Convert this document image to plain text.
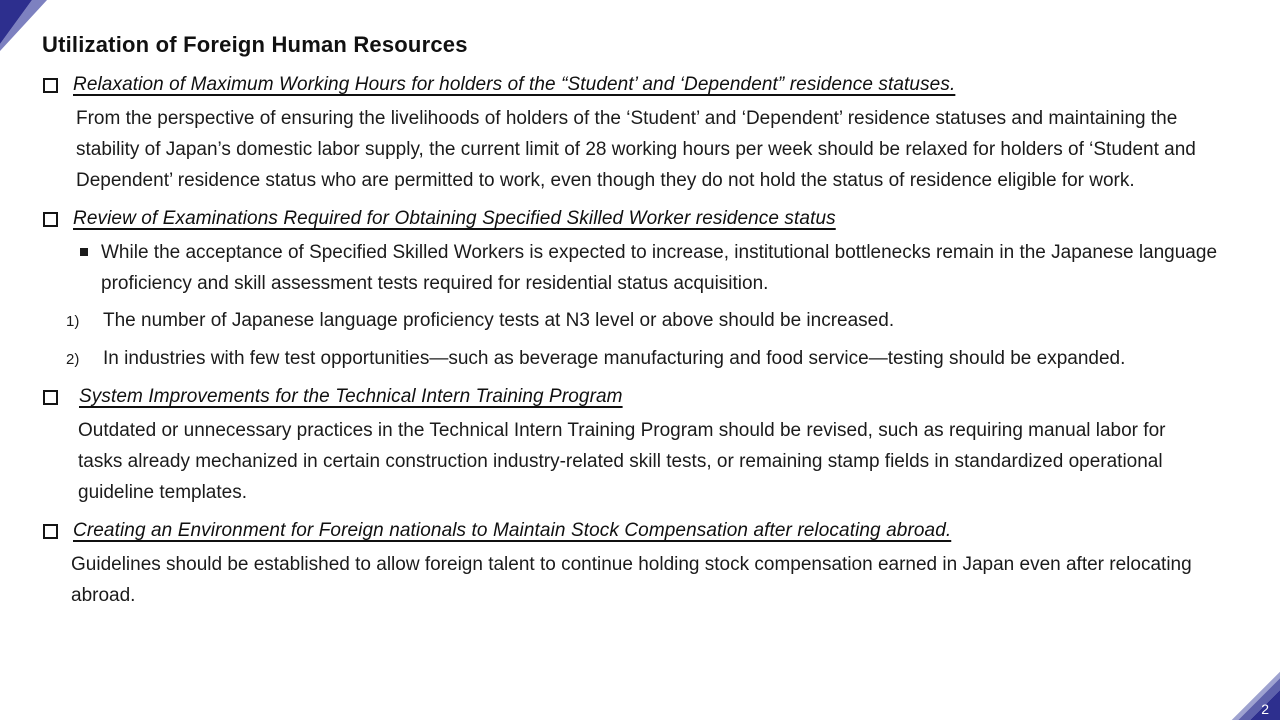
2
Utilization of Foreign Human Resources
Relaxation of Maximum Working Hours for holders of the “Student’ and ‘Dependent” residence statuses.
From the perspective of ensuring the livelihoods of holders of the ‘Student’ and ‘Dependent’ residence statuses and maintaining the stability of Japan’s domestic labor supply, the current limit of 28 working hours per week should be relaxed for holders of ‘Student and Dependent’ residence status who are permitted to work, even though they do not hold the status of residence eligible for work.
Review of Examinations Required for Obtaining Specified Skilled Worker residence status
While the acceptance of Specified Skilled Workers is expected to increase, institutional bottlenecks remain in the Japanese language proficiency and skill assessment tests required for residential status acquisition.
1)	The number of Japanese language proficiency tests at N3 level or above should be increased.
2)	In industries with few test opportunities—such as beverage manufacturing and food service—testing should be expanded.
System Improvements for the Technical Intern Training Program
Outdated or unnecessary practices in the Technical Intern Training Program should be revised, such as requiring manual labor for tasks already mechanized in certain construction industry-related skill tests, or remaining stamp fields in standardized operational guideline templates.
Creating an Environment for Foreign nationals to Maintain Stock Compensation after relocating abroad.
Guidelines should be established to allow foreign talent to continue holding stock compensation earned in Japan even after relocating abroad.
